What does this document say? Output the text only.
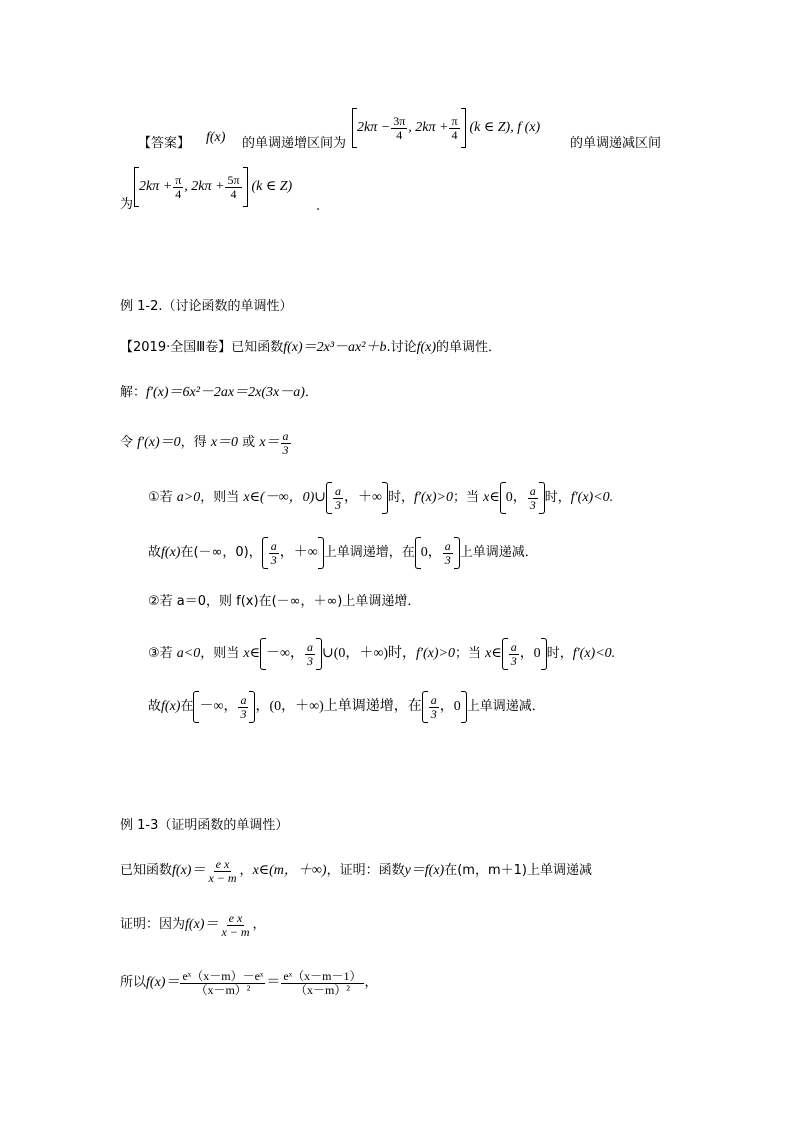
【答案】 f(x) 的单调递增区间为
$2k\pi - \frac{3\pi}{4}$ , $2k\pi + \frac{\pi}{4} (k$ ∈ Z), f (x)
的单调递减区间
为
$2k\pi + \frac{\pi}{4}$ , $2k\pi + \frac{5\pi}{4} (k$ ∈ Z)
例 1-2.（讨论函数的单调性）
【2019·全国Ⅲ卷】已知函数f(x)＝2x³－ax²＋b.讨论f(x)的单调性．
解：f′(x)＝6x²－2ax＝2x(3x－a)．
令
f′(x)＝0 ，得
x＝0
或
$x= \frac{a}{3}$
①若
a>0 ，则当
x∈(－∞，0)∪ $\frac{a}{3}$ ，＋∞ 时， f′(x)>0 ；当
x∈ 0， $\frac{a}{3}$ 时， f′(x)<0.
故 f(x) 在(－∞，0)， $\frac{a}{3}$ ，＋∞ 上单调递增，在 0， $\frac{a}{3}$ 上单调递减．
②若 a＝0，则 f(x)在(－∞，＋∞)上单调递增．
③若
a<0 ，则当
x∈ －∞， $\frac{a}{3}$ ∪(0，＋∞)时， f′(x)>0 ；当
x∈ $\frac{a}{3}$ ，0 时， f′(x)<0.
故 f(x) 在 －∞， $\frac{a}{3}$ ，(0，＋∞)上单调递增，在 $\frac{a}{3}$ ，0 上单调递减．
例 1-3（证明函数的单调性）
已知函数 $f(x)= \frac{\text{e x}}{x - m}$ ， x∈(m，＋∞) ，证明：函数 y＝f(x) 在(m，m＋1)上单调递减
证明：因为 $f(x)= \frac{\text{e x}}{x - m}$ ，
所以 $f(x)= \frac{\text{eˣ（x－m）－eˣ}}{\text{（x－m）²}} = \frac{\text{eˣ（x－m－1）}}{\text{（x－m）²}}$ ，
